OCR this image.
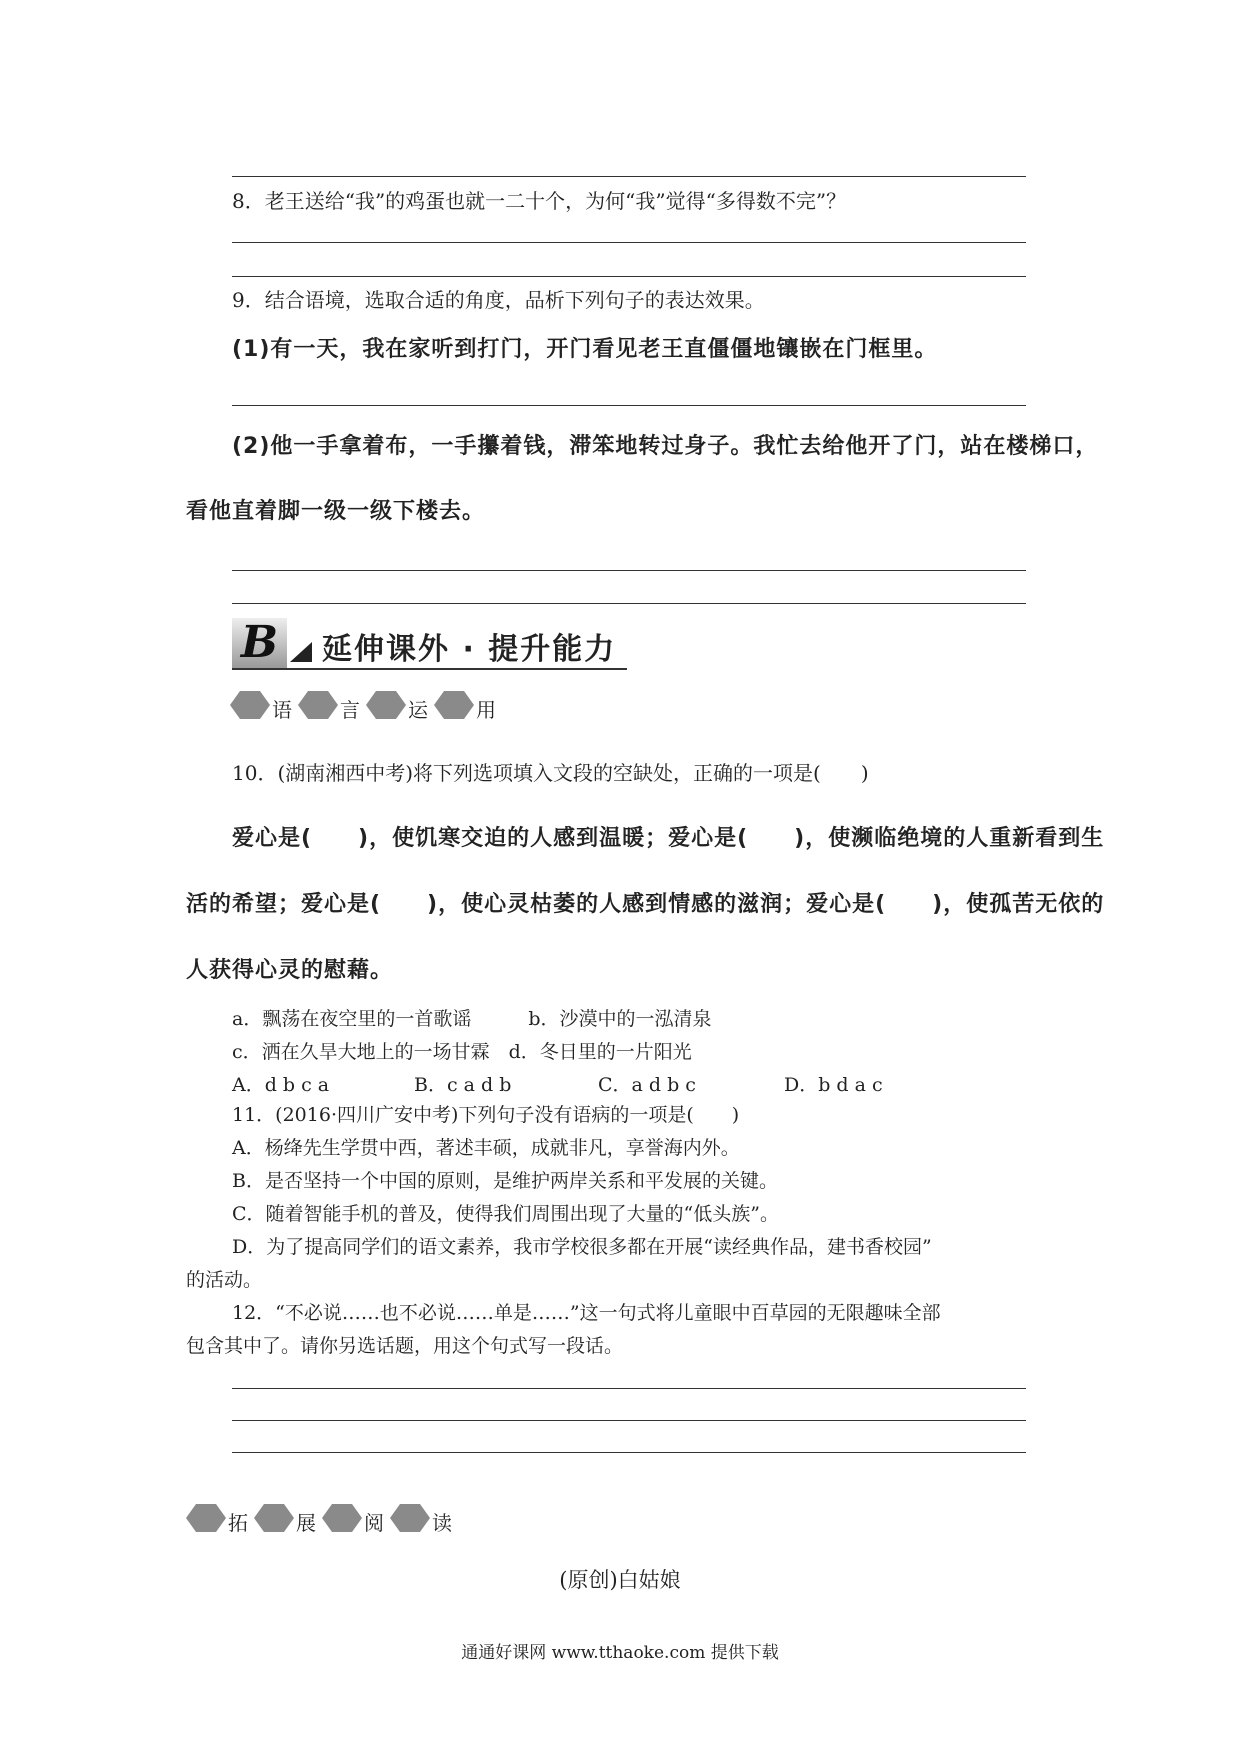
8．老王送给“我”的鸡蛋也就一二十个，为何“我”觉得“多得数不完”？
9．结合语境，选取合适的角度，品析下列句子的表达效果。
(1)有一天，我在家听到打门，开门看见老王直僵僵地镶嵌在门框里。
(2)他一手拿着布，一手攥着钱，滞笨地转过身子。我忙去给他开了门，站在楼梯口，
看他直着脚一级一级下楼去。
B 延伸课外 · 提升能力
语 言 运 用
10．(湖南湘西中考)将下列选项填入文段的空缺处，正确的一项是(　　)
爱心是(　　)，使饥寒交迫的人感到温暖；爱心是(　　)，使濒临绝境的人重新看到生
活的希望；爱心是(　　)，使心灵枯萎的人感到情感的滋润；爱心是(　　)，使孤苦无依的
人获得心灵的慰藉。
a．飘荡在夜空里的一首歌谣　　　b．沙漠中的一泓清泉
c．洒在久旱大地上的一场甘霖　d．冬日里的一片阳光
A．d b c a	B．c a d b	C．a d b c	D．b d a c
11．(2016·四川广安中考)下列句子没有语病的一项是(　　)
A．杨绛先生学贯中西，著述丰硕，成就非凡，享誉海内外。
B．是否坚持一个中国的原则，是维护两岸关系和平发展的关键。
C．随着智能手机的普及，使得我们周围出现了大量的“低头族”。
D．为了提高同学们的语文素养，我市学校很多都在开展“读经典作品，建书香校园”
的活动。
12．“不必说……也不必说……单是……”这一句式将儿童眼中百草园的无限趣味全部
包含其中了。请你另选话题，用这个句式写一段话。
拓 展 阅 读
(原创)白姑娘
通通好课网 www.tthaoke.com 提供下载
